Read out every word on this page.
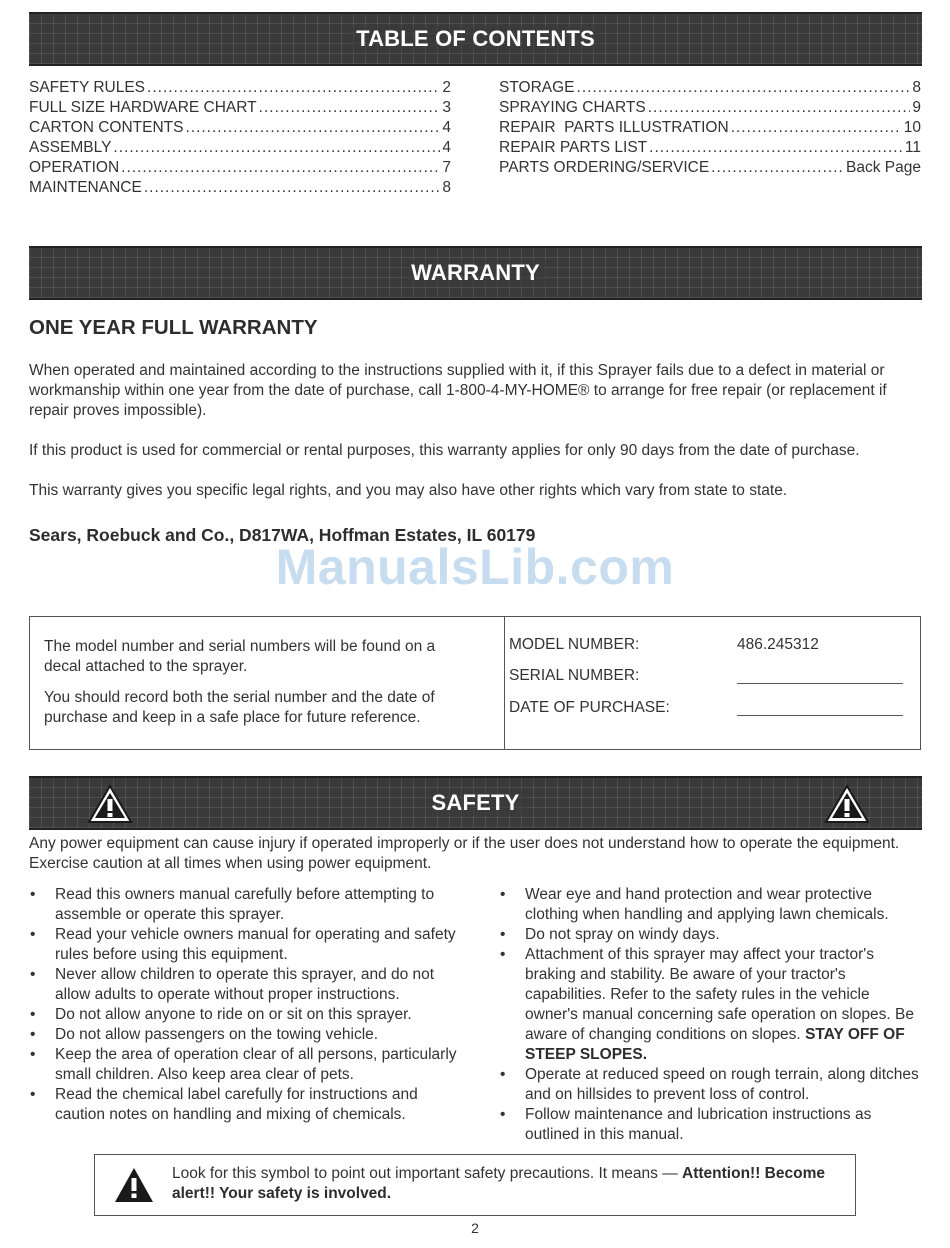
TABLE OF CONTENTS
SAFETY RULES .....	2
FULL SIZE HARDWARE CHART .....	3
CARTON CONTENTS .....	4
ASSEMBLY .....	4
OPERATION .....	7
MAINTENANCE .....	8
STORAGE .....	8
SPRAYING CHARTS .....	9
REPAIR  PARTS ILLUSTRATION .....	10
REPAIR PARTS LIST .....	11
PARTS ORDERING/SERVICE .....	Back Page
WARRANTY
ONE YEAR FULL WARRANTY
When operated and maintained according to the instructions supplied with it, if this Sprayer fails due to a defect in material or workmanship within one year from the date of purchase, call 1-800-4-MY-HOME® to arrange for free repair (or replacement if repair proves impossible).
If this product is used for commercial or rental purposes, this warranty applies for only 90 days from the date of purchase.
This warranty gives you specific legal rights, and you may also have other rights which vary from state to state.
Sears, Roebuck and Co., D817WA, Hoffman Estates, IL 60179
ManualsLib.com

The model number and serial numbers will be found on a decal attached to the sprayer.

You should record both the serial number and the date of purchase and keep in a safe place for future reference.

MODEL NUMBER:	486.245312
SERIAL NUMBER:
DATE OF PURCHASE:
SAFETY
Any power equipment can cause injury if operated improperly or if the user does not understand how to operate the equipment. Exercise caution at all times when using power equipment.
• Read this owners manual carefully before attempting to assemble or operate this sprayer.
• Read your vehicle owners manual for operating and safety rules before using this equipment.
• Never allow children to operate this sprayer, and do not allow adults to operate without proper instructions.
• Do not allow anyone to ride on or sit on this sprayer.
• Do not allow passengers on the towing vehicle.
• Keep the area of operation clear of all persons, particularly small children. Also keep area clear of pets.
• Read the chemical label carefully for instructions and caution notes on handling and mixing of chemicals.
• Wear eye and hand protection and wear protective clothing when handling and applying lawn chemicals.
• Do not spray on windy days.
• Attachment of this sprayer may affect your tractor's braking and stability. Be aware of your tractor's capabilities. Refer to the safety rules in the vehicle owner's manual concerning safe operation on slopes. Be aware of changing conditions on slopes. STAY OFF OF STEEP SLOPES.
• Operate at reduced speed on rough terrain, along ditches and on hillsides to prevent loss of control.
• Follow maintenance and lubrication instructions as outlined in this manual.
Look for this symbol to point out important safety precautions. It means — Attention!! Become alert!! Your safety is involved.
2
